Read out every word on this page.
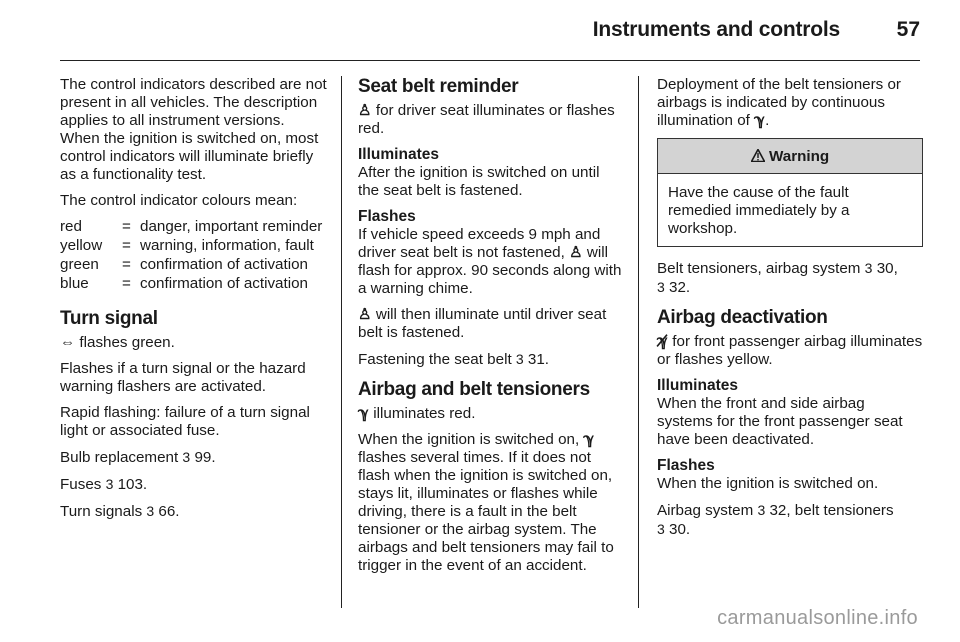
Instruments and controls	57

The control indicators described are not present in all vehicles. The description applies to all instrument versions. When the ignition is switched on, most control indicators will illuminate briefly as a functionality test.

The control indicator colours mean:

red	=	danger, important reminder
yellow	=	warning, information, fault
green	=	confirmation of activation
blue	=	confirmation of activation
Turn signal

⇔ flashes green.

Flashes if a turn signal or the hazard warning flashers are activated.

Rapid flashing: failure of a turn signal light or associated fuse.

Bulb replacement 3 99.

Fuses 3 103.

Turn signals 3 66.

Seat belt reminder

♙ for driver seat illuminates or flashes red.

Illuminates

After the ignition is switched on until the seat belt is fastened.

Flashes

If vehicle speed exceeds 9 mph and driver seat belt is not fastened, ♙ will flash for approx. 90 seconds along with a warning chime.

♙ will then illuminate until driver seat belt is fastened.

Fastening the seat belt 3 31.

Airbag and belt tensioners

ℽ illuminates red.

When the ignition is switched on, ℽ flashes several times. If it does not flash when the ignition is switched on, stays lit, illuminates or flashes while driving, there is a fault in the belt tensioner or the airbag system. The airbags and belt tensioners may fail to trigger in the event of an accident.

Deployment of the belt tensioners or airbags is indicated by continuous illumination of ℽ.

Warning

Have the cause of the fault remedied immediately by a workshop.

Belt tensioners, airbag system 3 30,
3 32.

Airbag deactivation

ℽ̸ for front passenger airbag illuminates or flashes yellow.

Illuminates

When the front and side airbag systems for the front passenger seat have been deactivated.

Flashes

When the ignition is switched on.

Airbag system 3 32, belt tensioners
3 30.

carmanualsonline.info
